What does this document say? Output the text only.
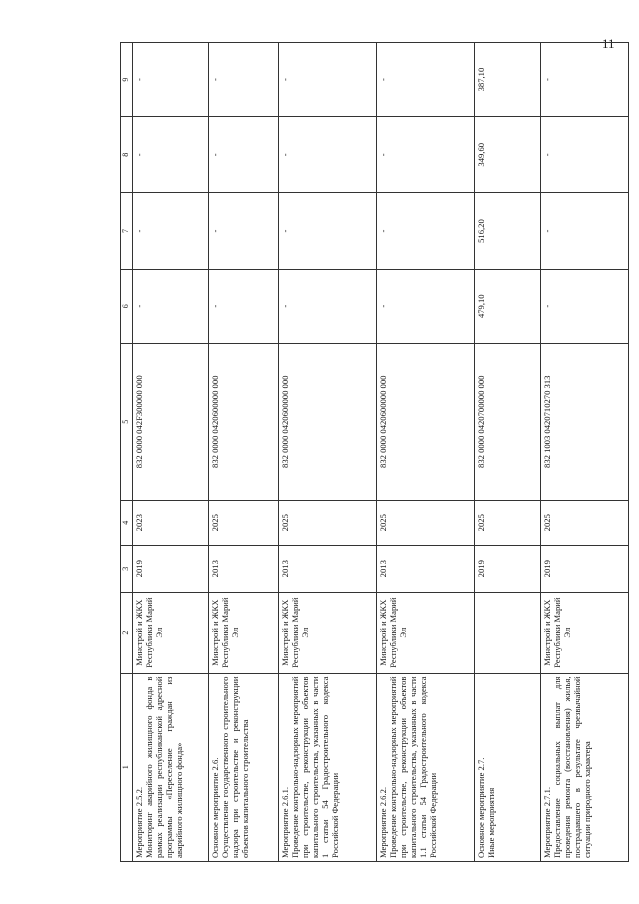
11
1	2	3	4	5	6	7	8	9

Мероприятие 2.5.2. Мониторинг аварийного жилищного фонда в рамках реализации республиканской адресной программы «Переселение граждан из аварийного жилищного фонда»	Минстрой и ЖКХ Республики Марий Эл	2019	2023	832 0000 042F300000 000	-	-	-	-

Основное мероприятие 2.6. Осуществление государственного строительного надзора при строительстве и реконструкции объектов капитального строительства	Минстрой и ЖКХ Республики Марий Эл	2013	2025	832 0000 0420600000 000	-	-	-	-

Мероприятие 2.6.1. Проведение контрольно-надзорных мероприятий при строительстве, реконструкции объектов капитального строительства, указанных в части 1 статьи 54 Градостроительного кодекса Российской Федерации	Минстрой и ЖКХ Республики Марий Эл	2013	2025	832 0000 0420600000 000	-	-	-	-

Мероприятие 2.6.2. Проведение контрольно-надзорных мероприятий при строительстве, реконструкции объектов капитального строительства, указанных в части 1.1 статьи 54 Градостроительного кодекса Российской Федерации	Минстрой и ЖКХ Республики Марий Эл	2013	2025	832 0000 0420600000 000	-	-	-	-

Основное мероприятие 2.7. Иные мероприятия		2019	2025	832 0000 0420700000 000	479,10	516,20	349,60	387,10

Мероприятие 2.7.1. Предоставление социальных выплат для проведения ремонта (восстановления) жилья, пострадавшего в результате чрезвычайной ситуации природного характера	Минстрой и ЖКХ Республики Марий Эл	2019	2025	832 1003 0420710270 313	-	-	-	-
